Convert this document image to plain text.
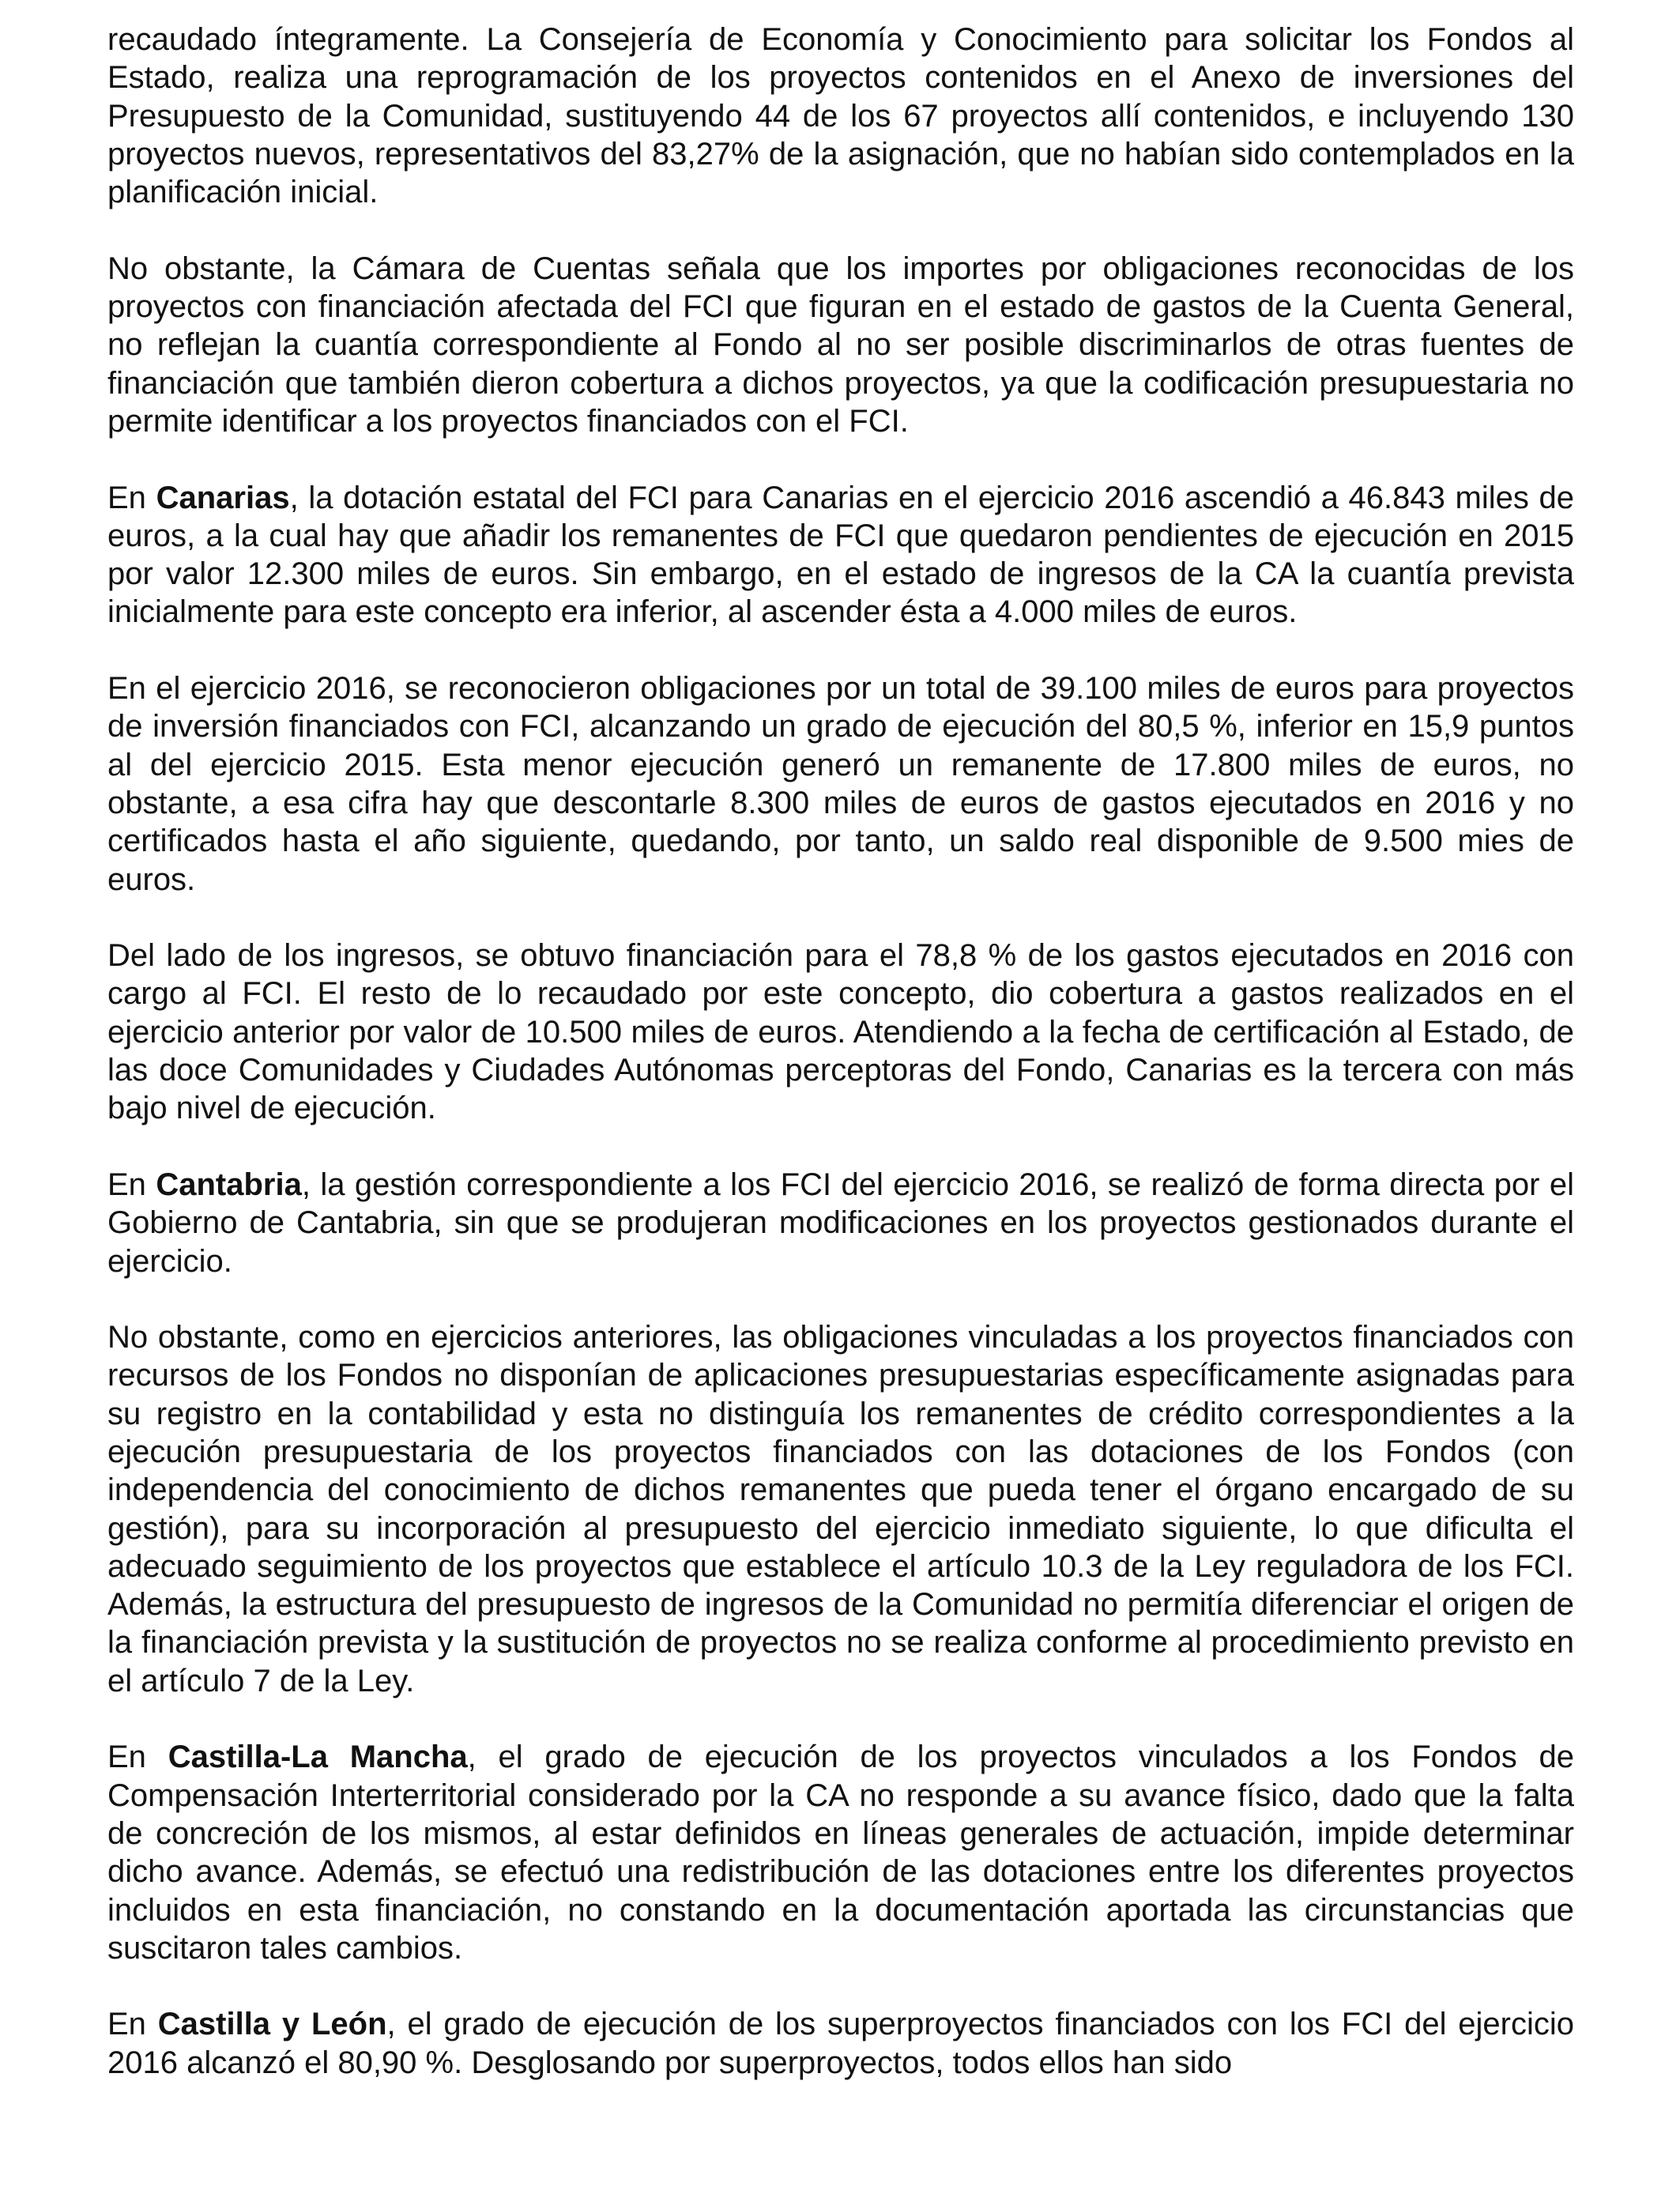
recaudado íntegramente. La Consejería de Economía y Conocimiento para solicitar los Fondos al Estado, realiza una reprogramación de los proyectos contenidos en el Anexo de inversiones del Presupuesto de la Comunidad, sustituyendo 44 de los 67 proyectos allí contenidos, e incluyendo 130 proyectos nuevos, representativos del 83,27% de la asignación, que no habían sido contemplados en la planificación inicial.

No obstante, la Cámara de Cuentas señala que los importes por obligaciones reconocidas de los proyectos con financiación afectada del FCI que figuran en el estado de gastos de la Cuenta General, no reflejan la cuantía correspondiente al Fondo al no ser posible discriminarlos de otras fuentes de financiación que también dieron cobertura a dichos proyectos, ya que la codificación presupuestaria no permite identificar a los proyectos financiados con el FCI.

En Canarias, la dotación estatal del FCI para Canarias en el ejercicio 2016 ascendió a 46.843 miles de euros, a la cual hay que añadir los remanentes de FCI que quedaron pendientes de ejecución en 2015 por valor 12.300 miles de euros. Sin embargo, en el estado de ingresos de la CA la cuantía prevista inicialmente para este concepto era inferior, al ascender ésta a 4.000 miles de euros.

En el ejercicio 2016, se reconocieron obligaciones por un total de 39.100 miles de euros para proyectos de inversión financiados con FCI, alcanzando un grado de ejecución del 80,5 %, inferior en 15,9 puntos al del ejercicio 2015. Esta menor ejecución generó un remanente de 17.800 miles de euros, no obstante, a esa cifra hay que descontarle 8.300 miles de euros de gastos ejecutados en 2016 y no certificados hasta el año siguiente, quedando, por tanto, un saldo real disponible de 9.500 mies de euros.

Del lado de los ingresos, se obtuvo financiación para el 78,8 % de los gastos ejecutados en 2016 con cargo al FCI. El resto de lo recaudado por este concepto, dio cobertura a gastos realizados en el ejercicio anterior por valor de 10.500 miles de euros. Atendiendo a la fecha de certificación al Estado, de las doce Comunidades y Ciudades Autónomas perceptoras del Fondo, Canarias es la tercera con más bajo nivel de ejecución.

En Cantabria, la gestión correspondiente a los FCI del ejercicio 2016, se realizó de forma directa por el Gobierno de Cantabria, sin que se produjeran modificaciones en los proyectos gestionados durante el ejercicio.

No obstante, como en ejercicios anteriores, las obligaciones vinculadas a los proyectos financiados con recursos de los Fondos no disponían de aplicaciones presupuestarias específicamente asignadas para su registro en la contabilidad y esta no distinguía los remanentes de crédito correspondientes a la ejecución presupuestaria de los proyectos financiados con las dotaciones de los Fondos (con independencia del conocimiento de dichos remanentes que pueda tener el órgano encargado de su gestión), para su incorporación al presupuesto del ejercicio inmediato siguiente, lo que dificulta el adecuado seguimiento de los proyectos que establece el artículo 10.3 de la Ley reguladora de los FCI. Además, la estructura del presupuesto de ingresos de la Comunidad no permitía diferenciar el origen de la financiación prevista y la sustitución de proyectos no se realiza conforme al procedimiento previsto en el artículo 7 de la Ley.

En Castilla-La Mancha, el grado de ejecución de los proyectos vinculados a los Fondos de Compensación Interterritorial considerado por la CA no responde a su avance físico, dado que la falta de concreción de los mismos, al estar definidos en líneas generales de actuación, impide determinar dicho avance. Además, se efectuó una redistribución de las dotaciones entre los diferentes proyectos incluidos en esta financiación, no constando en la documentación aportada las circunstancias que suscitaron tales cambios.

En Castilla y León, el grado de ejecución de los superproyectos financiados con los FCI del ejercicio 2016 alcanzó el 80,90 %. Desglosando por superproyectos, todos ellos han sido
